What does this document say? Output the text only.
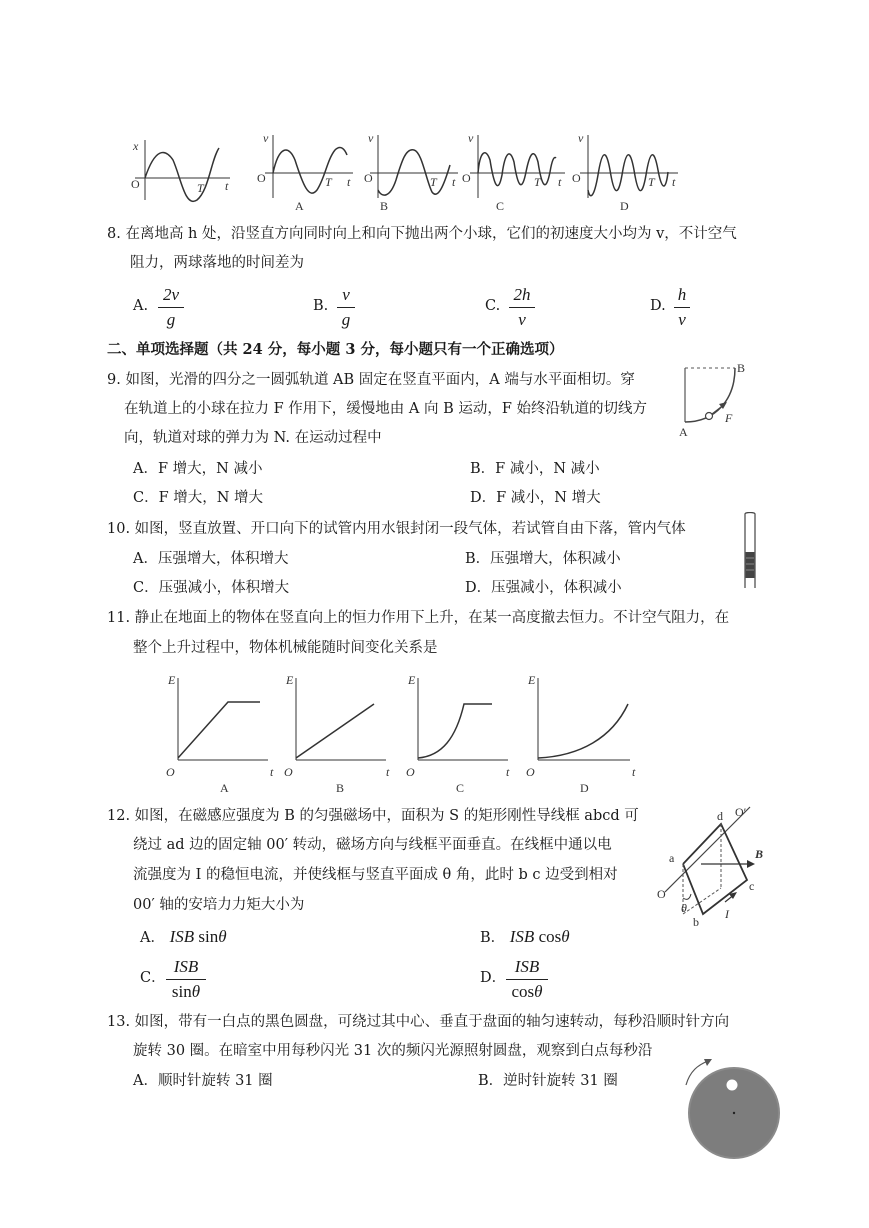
x
O	T t
v
O	T t
A
v
O	T t
B
v
O	T t
C
v
O	T t
D
8. 在离地高 h 处，沿竖直方向同时向上和向下抛出两个小球，它们的初速度大小均为 v，不计空气
阻力，两球落地的时间差为
A.
2v
g
B.
v
g
C.
2h
v
D.
h
v
二、单项选择题（共 24 分，每小题 3 分，每小题只有一个正确选项）
9. 如图，光滑的四分之一圆弧轨道 AB 固定在竖直平面内，A 端与水平面相切。穿
在轨道上的小球在拉力 F 作用下，缓慢地由 A 向 B 运动，F 始终沿轨道的切线方
向，轨道对球的弹力为 N. 在运动过程中
A．F 增大，N 减小	B．F 减小，N 减小
C．F 增大，N 增大	D．F 减小，N 增大
A
B
F
10. 如图，竖直放置、开口向下的试管内用水银封闭一段气体，若试管自由下落，管内气体
A．压强增大，体积增大	B．压强增大，体积减小
C．压强减小，体积增大	D．压强减小，体积减小
11. 静止在地面上的物体在竖直向上的恒力作用下上升，在某一高度撤去恒力。不计空气阻力，在
整个上升过程中，物体机械能随时间变化关系是
E
O	t
A
E
O	t
B
E
O	t
C
E
O	t
D
12. 如图，在磁感应强度为 B 的匀强磁场中，面积为 S 的矩形刚性导线框 abcd 可
绕过 ad 边的固定轴 00′ 转动，磁场方向与线框平面垂直。在线框中通以电
流强度为 I 的稳恒电流，并使线框与竖直平面成 θ 角，此时 b c 边受到相对
00′ 轴的安培力力矩大小为
A． ISB sinθ	B． ISB cosθ
C．
ISB
sinθ
D．
ISB
cosθ
d O′
a
O
b
c
B
I
θ
13. 如图，带有一白点的黑色圆盘，可绕过其中心、垂直于盘面的轴匀速转动，每秒沿顺时针方向
旋转 30 圈。在暗室中用每秒闪光 31 次的频闪光源照射圆盘，观察到白点每秒沿
A．顺时针旋转 31 圈	B．逆时针旋转 31 圈
